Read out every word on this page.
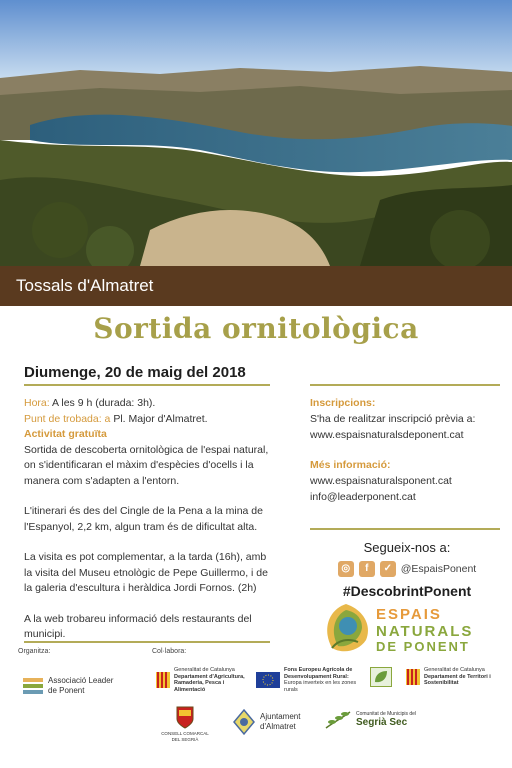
Tossals d'Almatret
Sortida ornitològica
Diumenge, 20 de maig del 2018
Hora: A les 9 h (durada: 3h).
Punt de trobada: a Pl. Major d'Almatret.
Activitat gratuïta
Sortida de descoberta ornitològica de l'espai natural, on s'identificaran el màxim d'espècies d'ocells i la manera com s'adapten a l'entorn.
L'itinerari és des del Cingle de la Pena a la mina de l'Espanyol, 2,2 km, algun tram és de dificultat alta.
La visita es pot complementar, a la tarda (16h), amb la visita del Museu etnològic de Pepe Guillermo, i de la galeria d'escultura i heràldica Jordi Fornos. (2h)
A la web trobareu informació dels restaurants del municipi.
Inscripcions:
S'ha de realitzar inscripció prèvia a:
www.espaisnaturalsdeponent.cat
Més informació:
www.espaisnaturalsponent.cat
info@leaderponent.cat
Segueix-nos a:
◎	f	✓ @EspaisPonent
#DescobrintPonent
ESPAIS
NATURALS
DE PONENT
Organitza:	Col·labora:
Associació Leader de Ponent
Generalitat de Catalunya
Departament d'Agricultura, Ramaderia, Pesca i Alimentació
Fons Europeu Agrícola de Desenvolupament Rural:
Europa inverteix en les zones rurals
Generalitat de Catalunya
Departament de Territori i Sostenibilitat
CONSELL COMARCAL
DEL SEGRIÀ
Ajuntament d'Almatret
Comunitat de Municipis del
Segrià Sec
